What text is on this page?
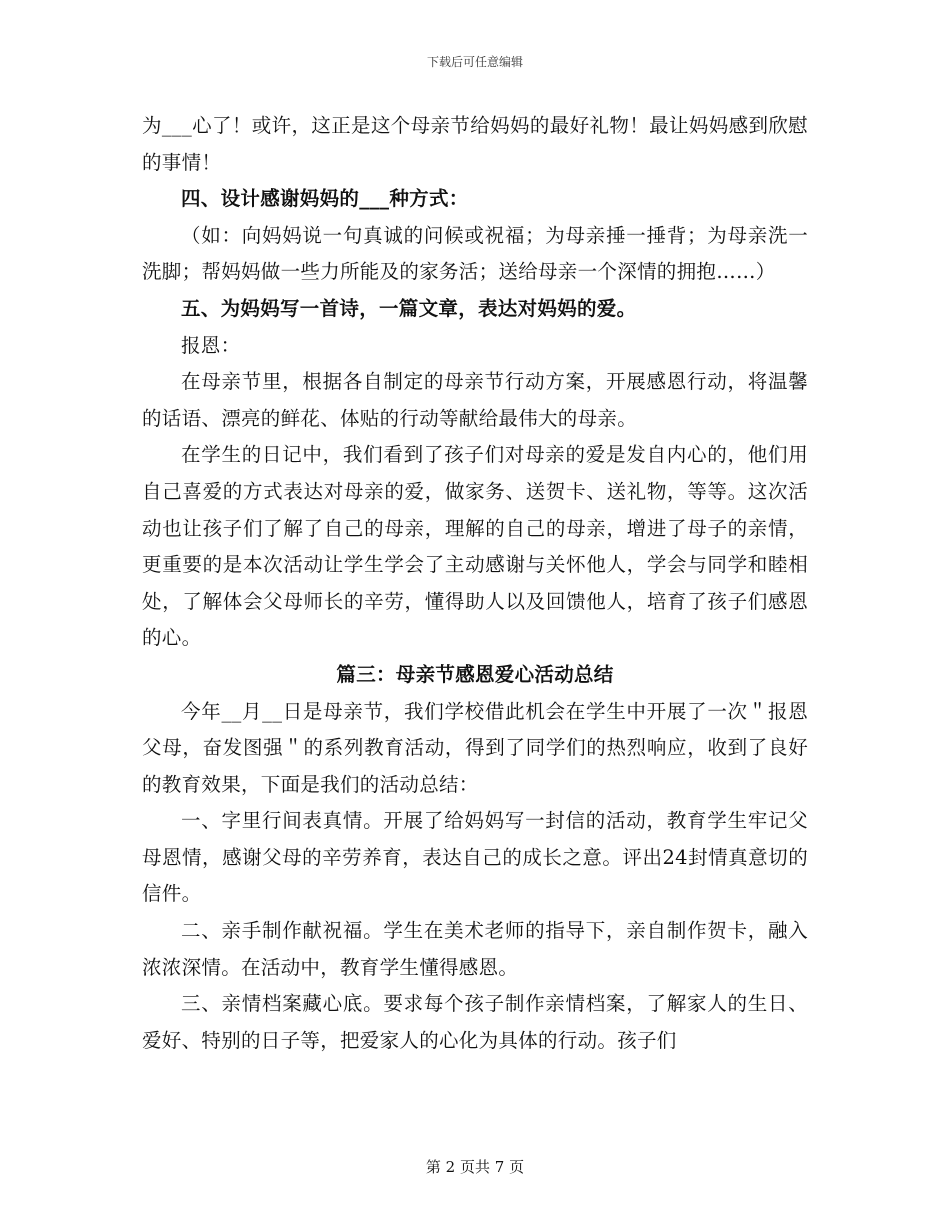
下载后可任意编辑

为___心了！或许，这正是这个母亲节给妈妈的最好礼物！最让妈妈感到欣慰的事情！

四、设计感谢妈妈的___种方式：

（如：向妈妈说一句真诚的问候或祝福；为母亲捶一捶背；为母亲洗一洗脚；帮妈妈做一些力所能及的家务活；送给母亲一个深情的拥抱……）

五、为妈妈写一首诗，一篇文章，表达对妈妈的爱。

报恩：

在母亲节里，根据各自制定的母亲节行动方案，开展感恩行动，将温馨的话语、漂亮的鲜花、体贴的行动等献给最伟大的母亲。

在学生的日记中，我们看到了孩子们对母亲的爱是发自内心的，他们用自己喜爱的方式表达对母亲的爱，做家务、送贺卡、送礼物，等等。这次活动也让孩子们了解了自己的母亲，理解的自己的母亲，增进了母子的亲情，更重要的是本次活动让学生学会了主动感谢与关怀他人，学会与同学和睦相处，了解体会父母师长的辛劳，懂得助人以及回馈他人，培育了孩子们感恩的心。

篇三：母亲节感恩爱心活动总结

今年__月__日是母亲节，我们学校借此机会在学生中开展了一次＂报恩父母，奋发图强＂的系列教育活动，得到了同学们的热烈响应，收到了良好的教育效果，下面是我们的活动总结：

一、字里行间表真情。开展了给妈妈写一封信的活动，教育学生牢记父母恩情，感谢父母的辛劳养育，表达自己的成长之意。评出24封情真意切的信件。

二、亲手制作献祝福。学生在美术老师的指导下，亲自制作贺卡，融入浓浓深情。在活动中，教育学生懂得感恩。

三、亲情档案藏心底。要求每个孩子制作亲情档案，了解家人的生日、爱好、特别的日子等，把爱家人的心化为具体的行动。孩子们

第 2 页共 7 页
